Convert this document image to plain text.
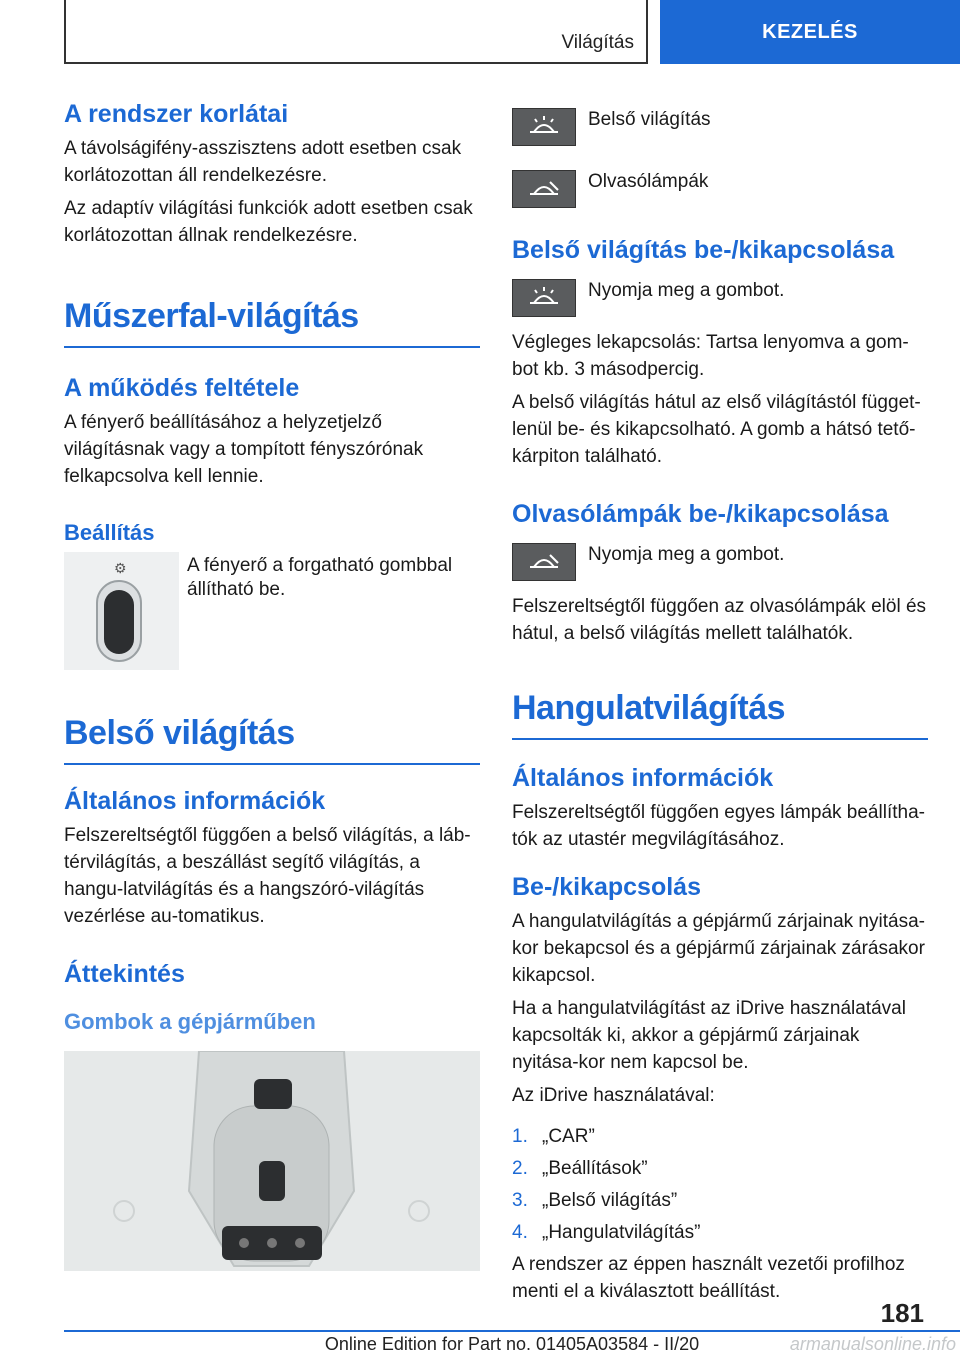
Világítás	KEZELÉS
A rendszer korlátai

A távolságifény-asszisztens adott esetben csak korlátozottan áll rendelkezésre.

Az adaptív világítási funkciók adott esetben csak korlátozottan állnak rendelkezésre.

Műszerfal-világítás
A működés feltétele

A fényerő beállításához a helyzetjelző világításnak vagy a tompított fényszórónak felkapcsolva kell lennie.

Beállítás
⚙	A fényerő a forgatható gombbal állítható be.
Belső világítás
Általános információk

Felszereltségtől függően a belső világítás, a láb-térvilágítás, a beszállást segítő világítás, a hangu-latvilágítás és a hangszóró-világítás vezérlése au-tomatikus.

Áttekintés
Gombok a gépjárműben
Belső világítás
Olvasólámpák
Belső világítás be-/kikapcsolása
Nyomja meg a gombot.

Végleges lekapcsolás: Tartsa lenyomva a gom-bot kb. 3 másodpercig.

A belső világítás hátul az első világítástól függet-lenül be- és kikapcsolható. A gomb a hátsó tető-kárpiton található.

Olvasólámpák be-/kikapcsolása
Nyomja meg a gombot.

Felszereltségtől függően az olvasólámpák elöl és hátul, a belső világítás mellett találhatók.

Hangulatvilágítás
Általános információk

Felszereltségtől függően egyes lámpák beállítha-tók az utastér megvilágításához.

Be-/kikapcsolás

A hangulatvilágítás a gépjármű zárjainak nyitása-kor bekapcsol és a gépjármű zárjainak zárásakor kikapcsol.

Ha a hangulatvilágítást az iDrive használatával kapcsolták ki, akkor a gépjármű zárjainak nyitása-kor nem kapcsol be.

Az iDrive használatával:

1. „CAR”
2. „Beállítások”
3. „Belső világítás”
4. „Hangulatvilágítás”

A rendszer az éppen használt vezetői profilhoz menti el a kiválasztott beállítást.

181
Online Edition for Part no. 01405A03584 - II/20	armanualsonline.info
